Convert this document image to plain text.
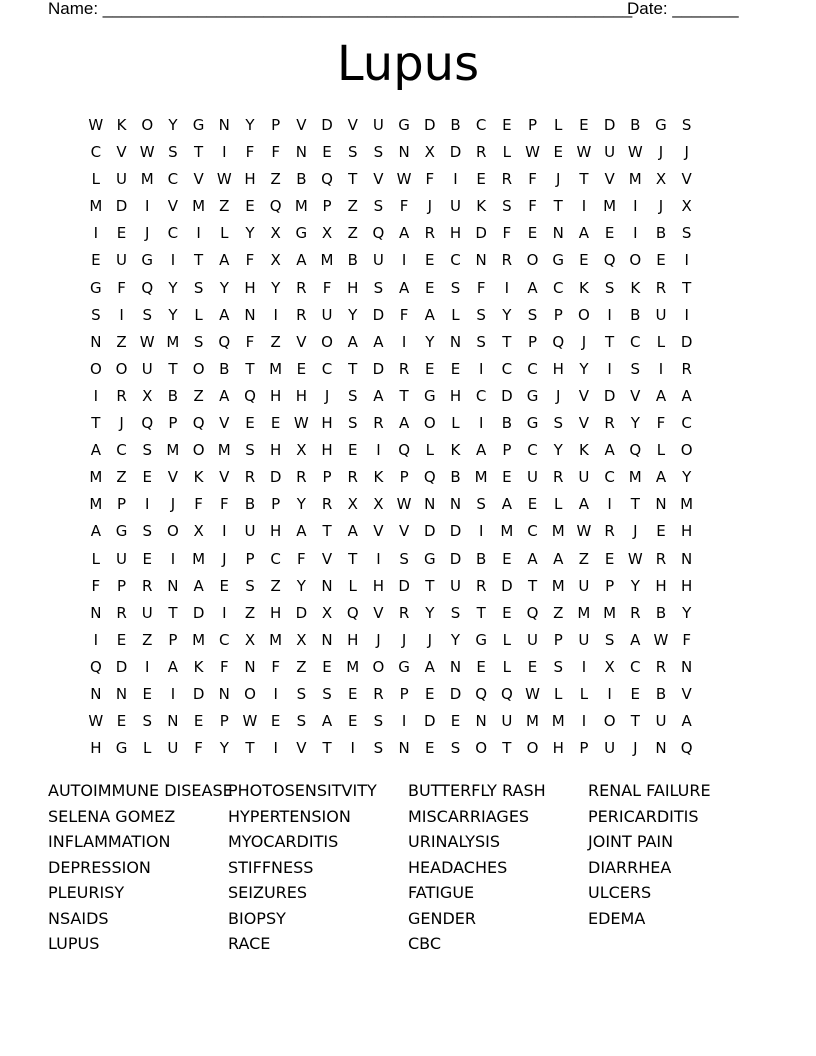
Name: ________________________________________________________

Date: _______

Lupus
W K O	Y	G N	Y	P	V D V	U G D B	C	E	P	L	E	D B G	S
C	V W S	T	I	F	F	N	E	S	S	N X D R	L W E W U W	J	J
L	U M C	V W H Z	B Q	T	V W F	I	E	R	F	J	T	V M X	V
M D	I	V M Z	E	Q M P	Z	S	F	J	U	K	S	F	T	I	M	I	J	X
I	E	J	C	I	L	Y	X G X	Z Q A	R H D	F	E	N A	E	I	B	S
E	U G	I	T	A	F	X	A M B	U	I	E	C N R O G	E	Q O	E	I
G	F	Q	Y	S	Y	H	Y	R	F	H	S	A	E	S	F	I	A	C	K	S	K	R	T
S	I	S	Y	L	A N	I	R U	Y	D	F	A	L	S	Y	S	P	O	I	B	U	I
N Z W M S	Q	F	Z	V O A	A	I	Y	N	S	T	P	Q	J	T	C	L	D
O O U	T	O B	T M E	C	T	D R	E	E	I	C	C H	Y	I	S	I	R
I	R	X	B	Z	A Q H H	J	S	A	T	G H C D G	J	V D V	A	A
T	J	Q	P	Q V	E	E W H	S	R	A O	L	I	B G	S	V	R	Y	F	C
A	C	S M O M S	H X H	E	I	Q	L	K	A	P	C	Y	K	A Q	L	O
M Z	E	V	K	V	R D R	P	R	K	P	Q B M E	U R U C M A	Y
M P	I	J	F	F	B	P	Y	R	X	X W N N	S	A	E	L	A	I	T	N M
A G	S	O X	I	U H A	T	A	V	V D D	I	M C M W R	J	E	H
L	U	E	I	M	J	P	C	F	V	T	I	S	G D B	E	A	A	Z	E W R N
F	P	R N A	E	S	Z	Y	N	L	H D	T	U R D	T M U	P	Y	H H
N R U	T	D	I	Z H D X Q V	R	Y	S	T	E	Q Z M M R	B	Y
I	E	Z	P M C	X M X N H	J	J	J	Y	G	L	U	P	U	S	A W F
Q D	I	A	K	F	N	F	Z	E M O G A N	E	L	E	S	I	X	C	R N
N N	E	I	D N O	I	S	S	E	R	P	E	D Q Q W L	L	I	E	B	V
W E	S	N	E	P W E	S	A	E	S	I	D	E	N U M M	I	O	T	U	A
H G	L	U	F	Y	T	I	V	T	I	S	N	E	S	O	T	O H	P	U	J	N Q
AUTOIMMUNE DISEASE
SELENA GOMEZ
INFLAMMATION
DEPRESSION
PLEURISY
NSAIDS
LUPUS
PHOTOSENSITVITY
HYPERTENSION
MYOCARDITIS
STIFFNESS
SEIZURES
BIOPSY
RACE
BUTTERFLY RASH
MISCARRIAGES
URINALYSIS
HEADACHES
FATIGUE
GENDER
CBC
RENAL FAILURE
PERICARDITIS
JOINT PAIN
DIARRHEA
ULCERS
EDEMA
